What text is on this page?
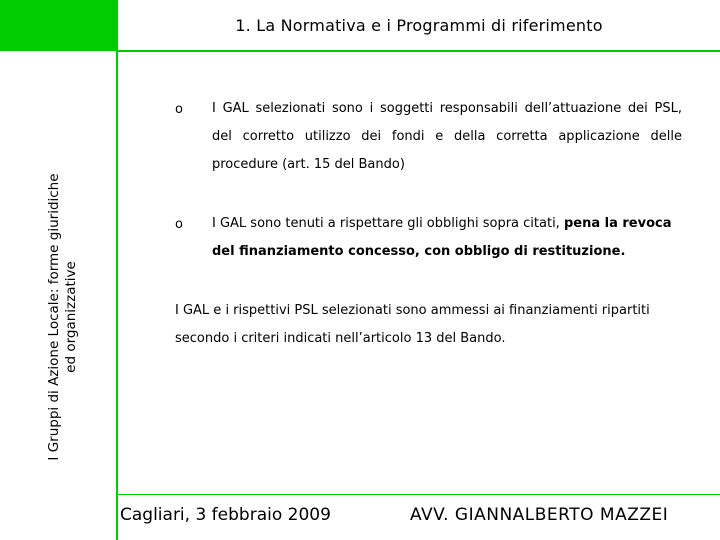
1. La Normativa e i Programmi di riferimento
I Gruppi di Azione Locale: forme giuridiche ed organizzative
o I GAL selezionati sono i soggetti responsabili dell’attuazione dei PSL,
del corretto utilizzo dei fondi e della corretta applicazione delle
procedure (art. 15 del Bando)
o I GAL sono tenuti a rispettare gli obblighi sopra citati, pena la revoca
del finanziamento concesso, con obbligo di restituzione.
I GAL e i rispettivi PSL selezionati sono ammessi ai finanziamenti ripartiti
secondo i criteri indicati nell’articolo 13 del Bando.
Cagliari, 3 febbraio 2009	AVV. GIANNALBERTO MAZZEI
